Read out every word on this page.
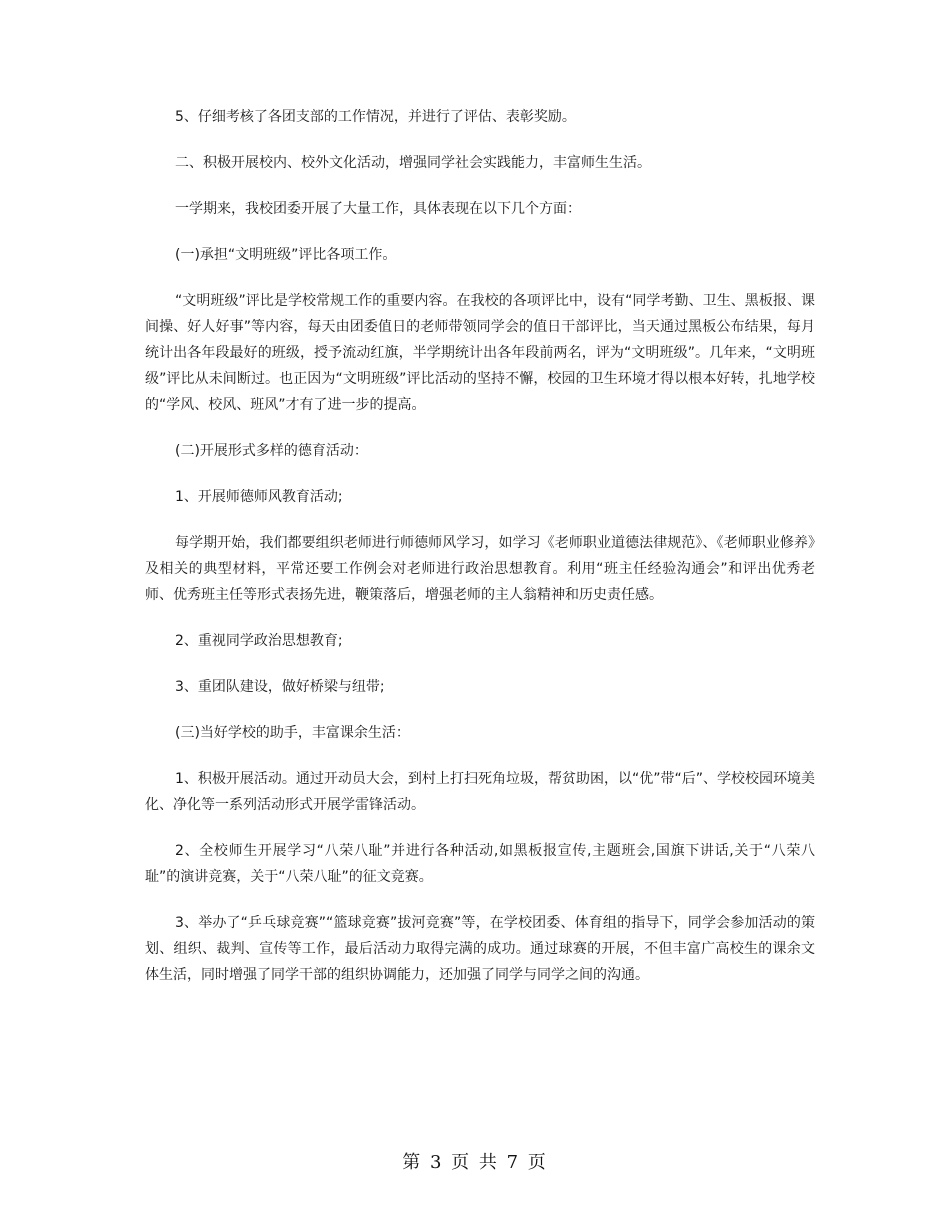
5、仔细考核了各团支部的工作情况，并进行了评估、表彰奖励。

二、积极开展校内、校外文化活动，增强同学社会实践能力，丰富师生生活。

一学期来，我校团委开展了大量工作，具体表现在以下几个方面：

(一)承担“文明班级”评比各项工作。

“文明班级”评比是学校常规工作的重要内容。在我校的各项评比中，设有“同学考勤、卫生、黑板报、课间操、好人好事”等内容，每天由团委值日的老师带领同学会的值日干部评比，当天通过黑板公布结果，每月统计出各年段最好的班级，授予流动红旗，半学期统计出各年段前两名，评为“文明班级”。几年来，“文明班级”评比从未间断过。也正因为“文明班级”评比活动的坚持不懈，校园的卫生环境才得以根本好转，扎地学校的“学风、校风、班风”才有了进一步的提高。

(二)开展形式多样的德育活动：

1、开展师德师风教育活动;

每学期开始，我们都要组织老师进行师德师风学习，如学习《老师职业道德法律规范》、《老师职业修养》及相关的典型材料，平常还要工作例会对老师进行政治思想教育。利用“班主任经验沟通会”和评出优秀老师、优秀班主任等形式表扬先进，鞭策落后，增强老师的主人翁精神和历史责任感。

2、重视同学政治思想教育;

3、重团队建设，做好桥梁与纽带;

(三)当好学校的助手，丰富课余生活：

1、积极开展活动。通过开动员大会，到村上打扫死角垃圾，帮贫助困，以“优”带“后”、学校校园环境美化、净化等一系列活动形式开展学雷锋活动。

2、全校师生开展学习“八荣八耻”并进行各种活动,如黑板报宣传,主题班会,国旗下讲话,关于“八荣八耻”的演讲竞赛，关于“八荣八耻”的征文竞赛。

3、举办了“乒乓球竞赛”“篮球竞赛”拔河竞赛”等，在学校团委、体育组的指导下，同学会参加活动的策划、组织、裁判、宣传等工作，最后活动力取得完满的成功。通过球赛的开展，不但丰富广高校生的课余文体生活，同时增强了同学干部的组织协调能力，还加强了同学与同学之间的沟通。

第 3 页 共 7 页
